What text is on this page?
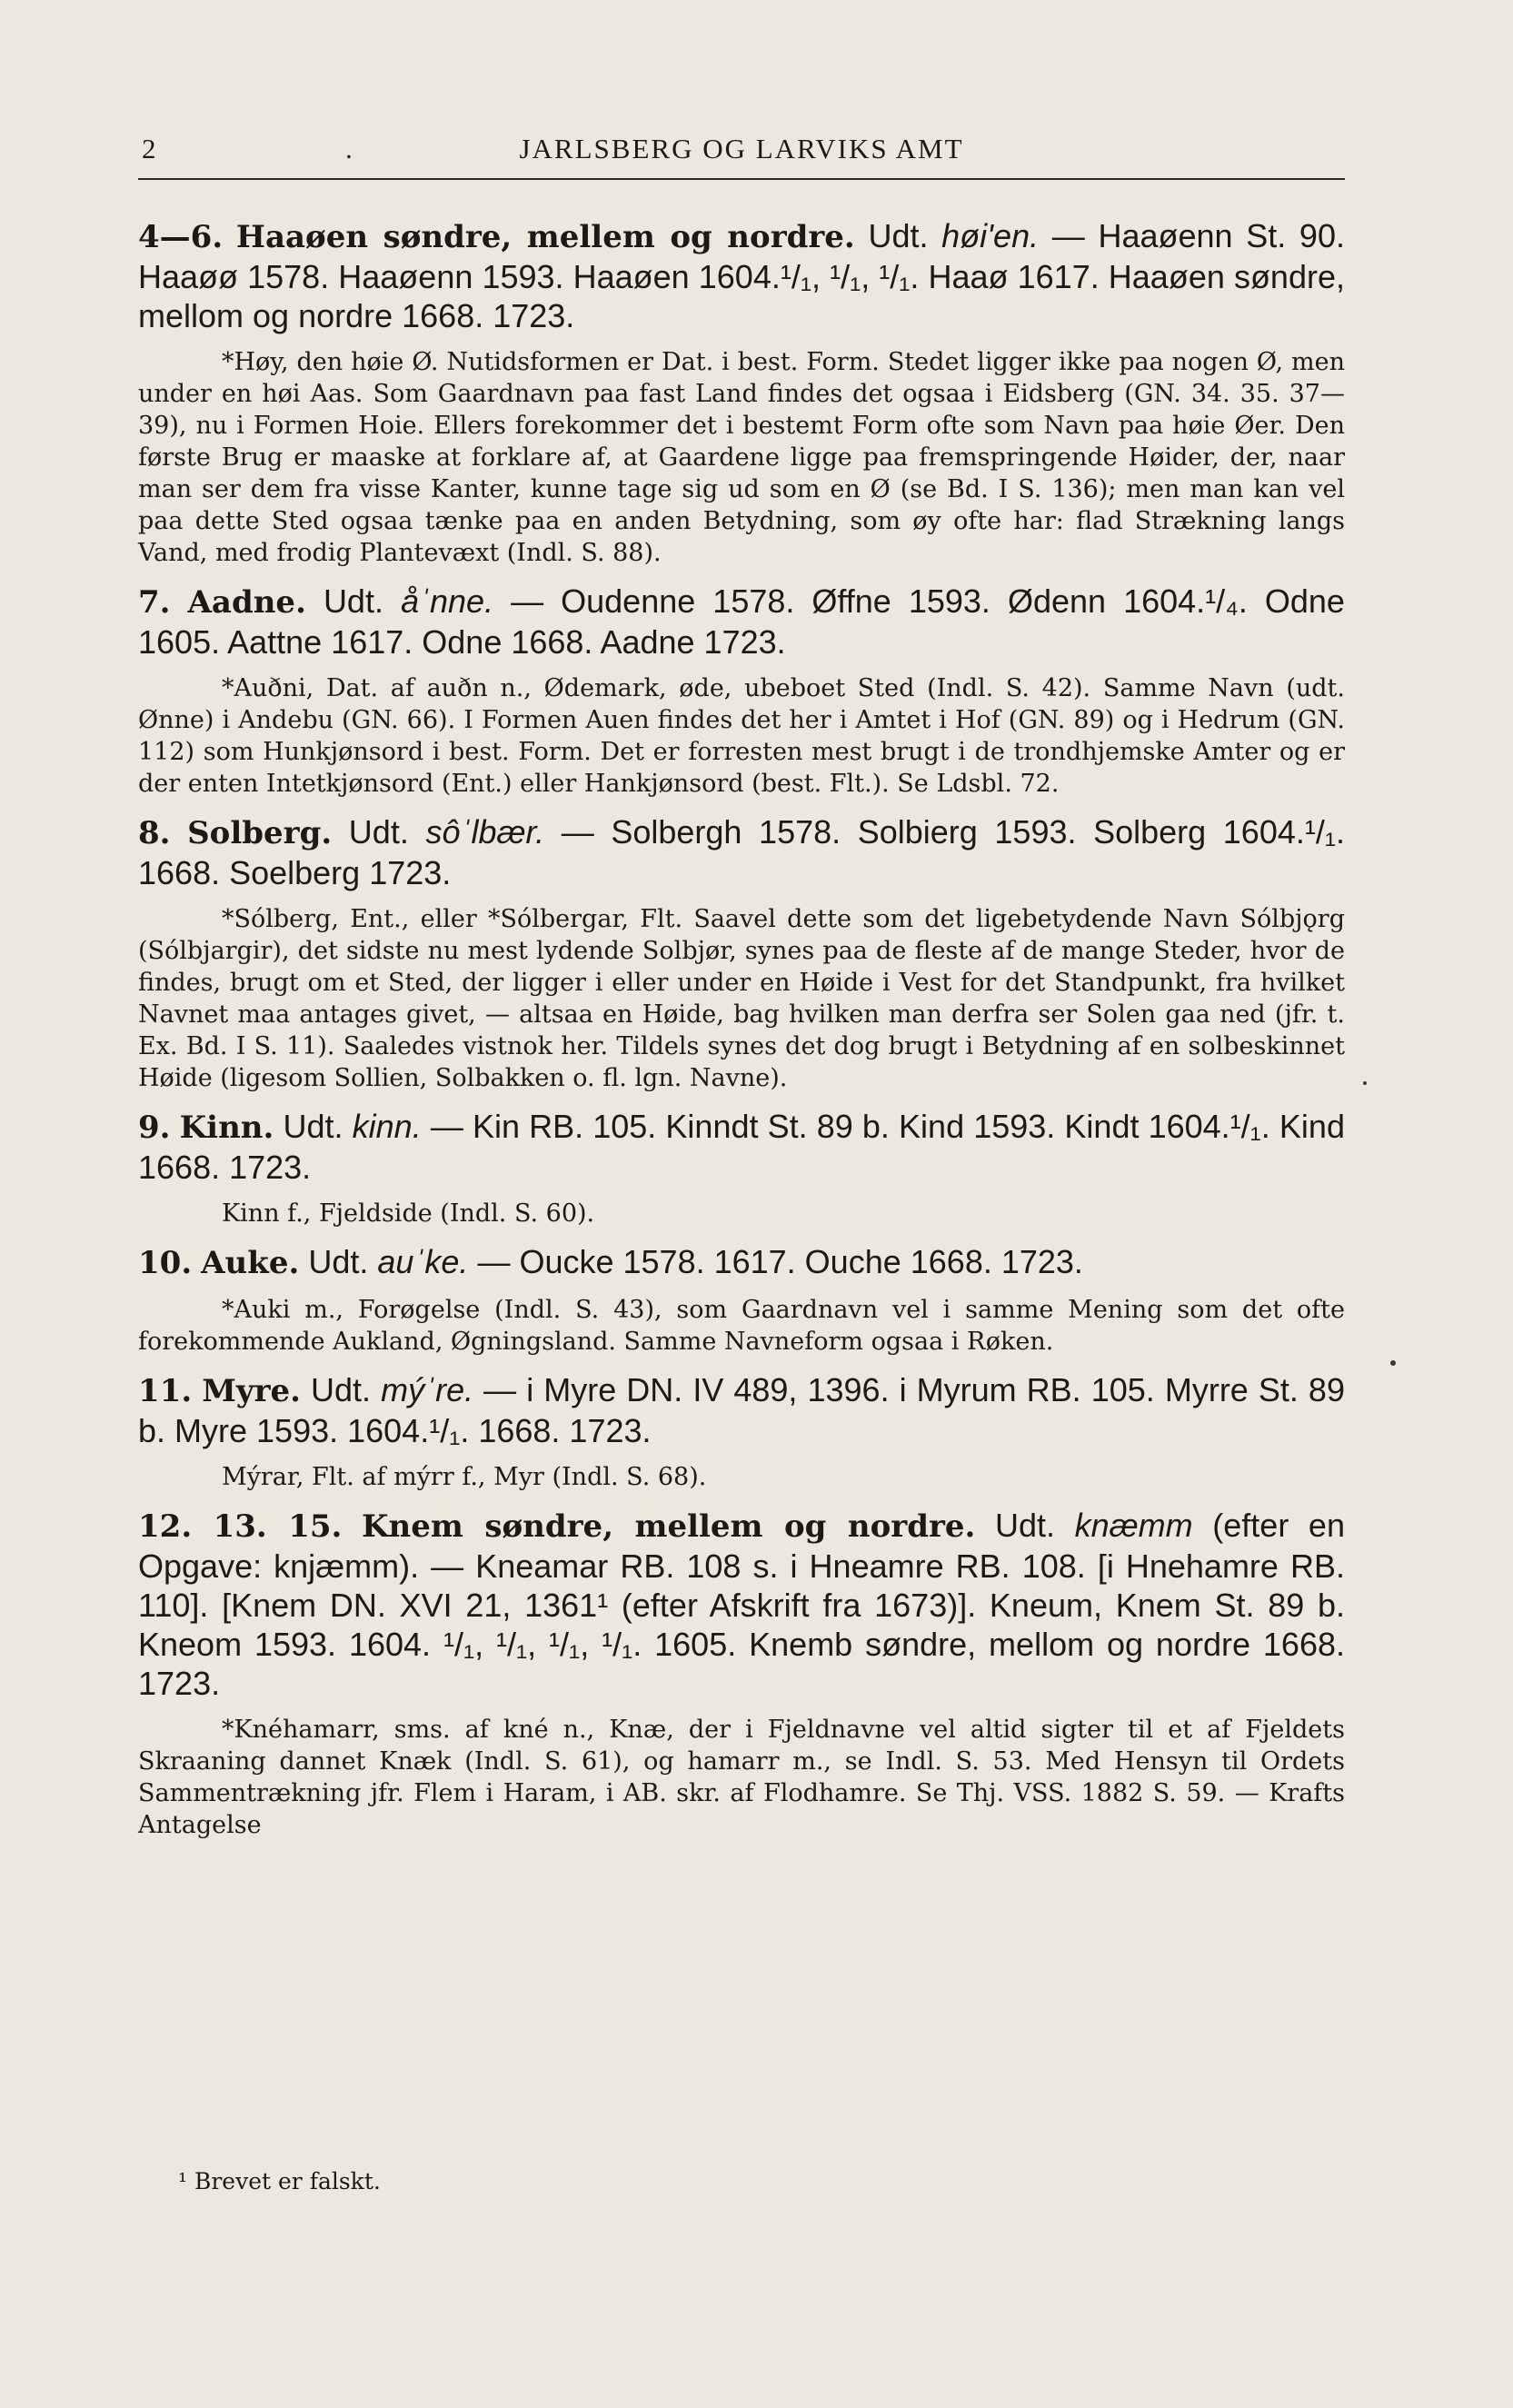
2	.	JARLSBERG OG LARVIKS AMT

4—6. Haaøen søndre, mellem og nordre. Udt. høi'en. — Haaøenn St. 90. Haaøø 1578. Haaøenn 1593. Haaøen 1604.¹/₁, ¹/₁, ¹/₁. Haaø 1617. Haaøen søndre, mellom og nordre 1668. 1723.

*Høy, den høie Ø. Nutidsformen er Dat. i best. Form. Stedet ligger ikke paa nogen Ø, men under en høi Aas. Som Gaardnavn paa fast Land findes det ogsaa i Eidsberg (GN. 34. 35. 37—39), nu i Formen Hoie. Ellers forekommer det i bestemt Form ofte som Navn paa høie Øer. Den første Brug er maaske at forklare af, at Gaardene ligge paa fremspringende Høider, der, naar man ser dem fra visse Kanter, kunne tage sig ud som en Ø (se Bd. I S. 136); men man kan vel paa dette Sted ogsaa tænke paa en anden Betydning, som øy ofte har: flad Strækning langs Vand, med frodig Plantevæxt (Indl. S. 88).

7. Aadne. Udt. åˈnne. — Oudenne 1578. Øffne 1593. Ødenn 1604.¹/₄. Odne 1605. Aattne 1617. Odne 1668. Aadne 1723.

*Auðni, Dat. af auðn n., Ødemark, øde, ubeboet Sted (Indl. S. 42). Samme Navn (udt. Ønne) i Andebu (GN. 66). I Formen Auen findes det her i Amtet i Hof (GN. 89) og i Hedrum (GN. 112) som Hunkjønsord i best. Form. Det er forresten mest brugt i de trondhjemske Amter og er der enten Intetkjønsord (Ent.) eller Hankjønsord (best. Flt.). Se Ldsbl. 72.

8. Solberg. Udt. sôˈlbær. — Solbergh 1578. Solbierg 1593. Solberg 1604.¹/₁. 1668. Soelberg 1723.

*Sólberg, Ent., eller *Sólbergar, Flt. Saavel dette som det ligebetydende Navn Sólbjǫrg (Sólbjargir), det sidste nu mest lydende Solbjør, synes paa de fleste af de mange Steder, hvor de findes, brugt om et Sted, der ligger i eller under en Høide i Vest for det Standpunkt, fra hvilket Navnet maa antages givet, — altsaa en Høide, bag hvilken man derfra ser Solen gaa ned (jfr. t. Ex. Bd. I S. 11). Saaledes vistnok her. Tildels synes det dog brugt i Betydning af en solbeskinnet Høide (ligesom Sollien, Solbakken o. fl. lgn. Navne).

9. Kinn. Udt. kinn. — Kin RB. 105. Kinndt St. 89 b. Kind 1593. Kindt 1604.¹/₁. Kind 1668. 1723.

Kinn f., Fjeldside (Indl. S. 60).

10. Auke. Udt. auˈke. — Oucke 1578. 1617. Ouche 1668. 1723.

*Auki m., Forøgelse (Indl. S. 43), som Gaardnavn vel i samme Mening som det ofte forekommende Aukland, Øgningsland. Samme Navneform ogsaa i Røken.

11. Myre. Udt. mýˈre. — i Myre DN. IV 489, 1396. i Myrum RB. 105. Myrre St. 89 b. Myre 1593. 1604.¹/₁. 1668. 1723.

Mýrar, Flt. af mýrr f., Myr (Indl. S. 68).

12. 13. 15. Knem søndre, mellem og nordre. Udt. knæmm (efter en Opgave: knjæmm). — Kneamar RB. 108 s. i Hneamre RB. 108. [i Hnehamre RB. 110]. [Knem DN. XVI 21, 1361¹ (efter Afskrift fra 1673)]. Kneum, Knem St. 89 b. Kneom 1593. 1604. ¹/₁, ¹/₁, ¹/₁, ¹/₁. 1605. Knemb søndre, mellom og nordre 1668. 1723.

*Knéhamarr, sms. af kné n., Knæ, der i Fjeldnavne vel altid sigter til et af Fjeldets Skraaning dannet Knæk (Indl. S. 61), og hamarr m., se Indl. S. 53. Med Hensyn til Ordets Sammentrækning jfr. Flem i Haram, i AB. skr. af Flodhamre. Se Thj. VSS. 1882 S. 59. — Krafts Antagelse

¹ Brevet er falskt.
